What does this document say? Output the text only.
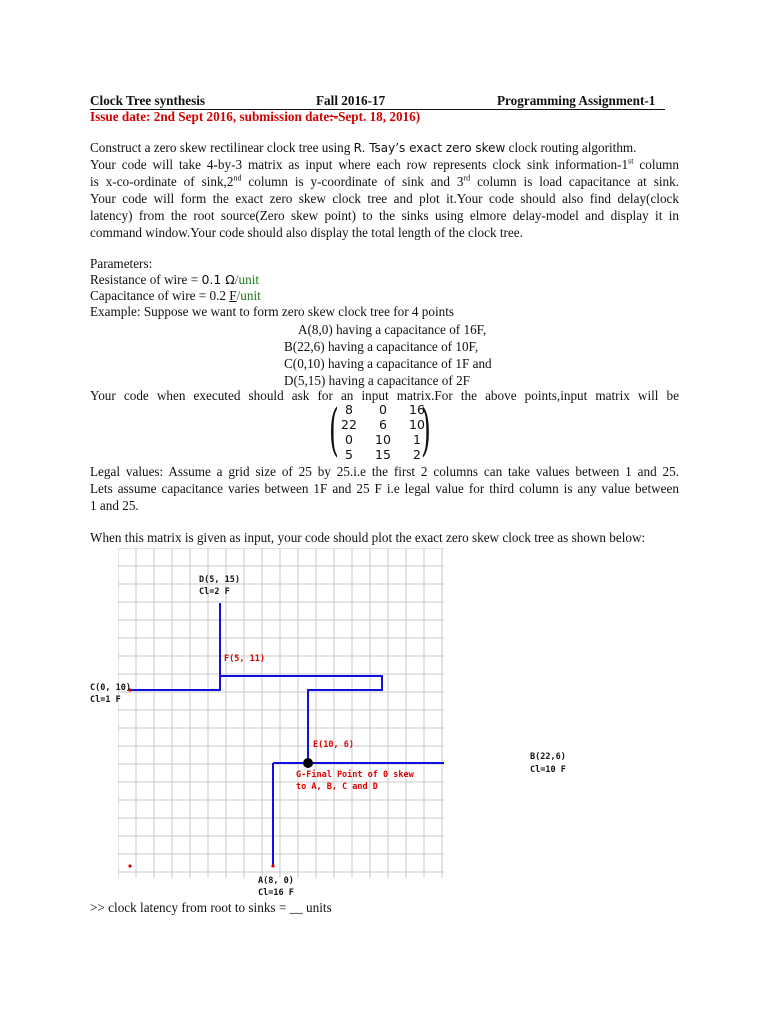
Clock Tree synthesis	Fall 2016-17	Programming Assignment-1
Issue date: 2nd Sept 2016, submission date:-Sept. 18, 2016)
Construct a zero skew rectilinear clock tree using R. Tsay’s exact zero skew clock routing algorithm.
Your code will take 4-by-3 matrix as input where each row represents clock sink information-1st column
is x-co-ordinate of sink,2nd column is y-coordinate of sink and 3rd column is load capacitance at sink.
Your code will form the exact zero skew clock tree and plot it.Your code should also find delay(clock
latency) from the root source(Zero skew point) to the sinks using elmore delay-model and display it in
command window.Your code should also display the total length of the clock tree.
Parameters:
Resistance of wire = 0.1 Ω/unit
Capacitance of wire = 0.2 F/unit
Example: Suppose we want to form zero skew clock tree for 4 points
A(8,0) having a capacitance of 16F,
B(22,6) having a capacitance of 10F,
C(0,10) having a capacitance of 1F and
D(5,15) having a capacitance of 2F
Your code when executed should ask for an input matrix.For the above points,input matrix will be
( )
8	0	16
22	6	10
0	10	1
5	15	2
Legal values: Assume a grid size of 25 by 25.i.e the first 2 columns can take values between 1 and 25.
Lets assume capacitance varies between 1F and 25 F i.e legal value for third column is any value between
1 and 25.
When this matrix is given as input, your code should plot the exact zero skew clock tree as shown below:
D(5, 15)
Cl=2 F
F(5, 11)
C(0, 10)
Cl=1 F
E(10, 6)
B(22,6)
Cl=10 F
G-Final Point of 0 skew
to A, B, C and D
A(8, 0)
Cl=16 F
>> clock latency from root to sinks = __ units
